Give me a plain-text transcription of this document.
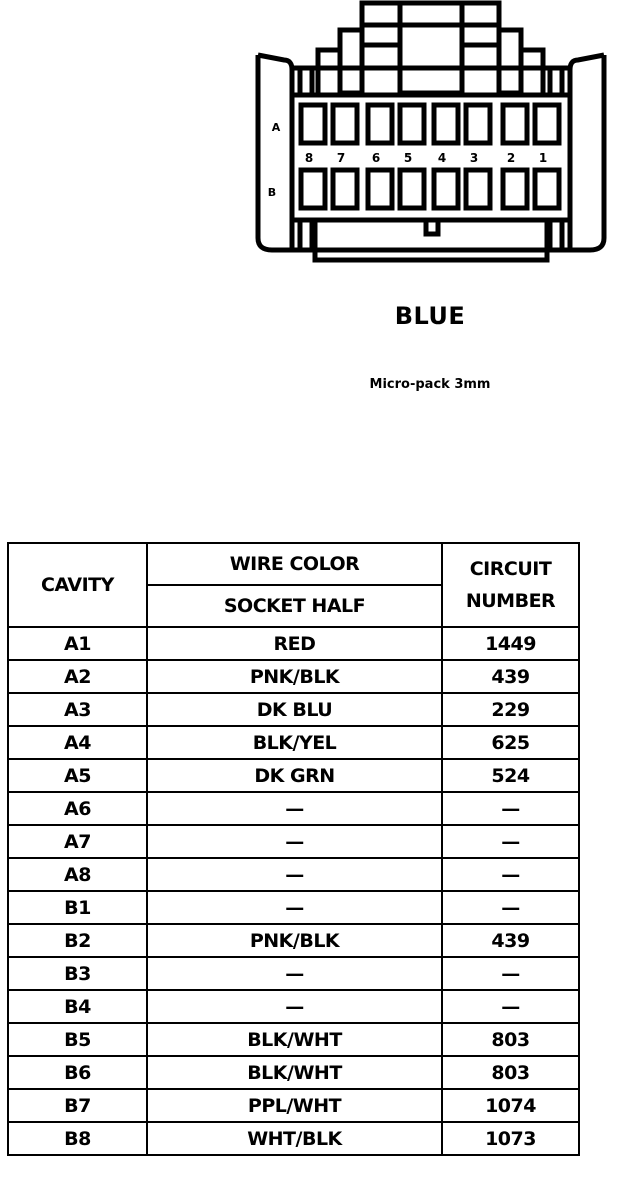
8 7 6 5 4 3 2 1
A
B
BLUE
Micro-pack 3mm
CAVITY	WIRE COLOR	CIRCUIT
NUMBER

	SOCKET HALF	
A1	RED	1449
A2	PNK/BLK	439
A3	DK BLU	229
A4	BLK/YEL	625
A5	DK GRN	524
A6	—	—
A7	—	—
A8	—	—
B1	—	—
B2	PNK/BLK	439
B3	—	—
B4	—	—
B5	BLK/WHT	803
B6	BLK/WHT	803
B7	PPL/WHT	1074
B8	WHT/BLK	1073
